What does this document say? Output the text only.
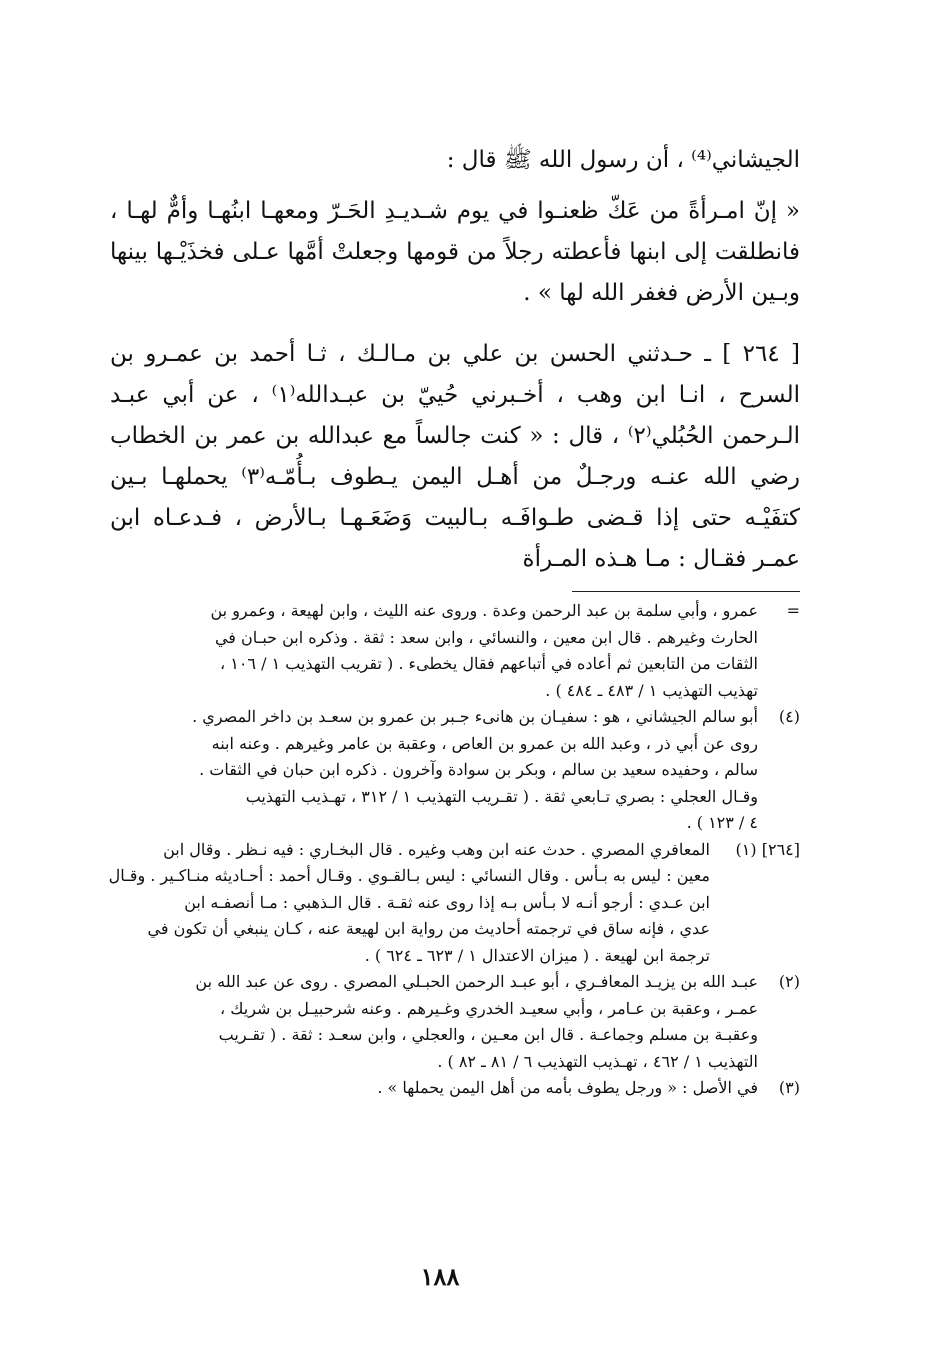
الجيشاني⁽⁴⁾ ، أن رسول الله ﷺ قال :

« إنّ امـرأةً من عَكّ ظعنـوا في يوم شـديـدِ الحَـرّ ومعهـا ابنُهـا وأمٌّ لهـا ، فانطلقت إلى ابنها فأعطته رجلاً من قومها وجعلتْ أمَّها عـلى فخذَيْـها بينها وبـين الأرض فغفر الله لها » .

[ ٢٦٤ ] ـ حـدثني الحسن بن علي بن مـالـك ، ثـا أحمد بن عمـرو بن السرح ، انـا ابن وهب ، أخـبرني حُييّ بن عبـدالله⁽١⁾ ، عن أبي عبـد الـرحمن الحُبُلي⁽٢⁾ ، قال : « كنت جالساً مع عبدالله بن عمر بن الخطاب رضي الله عنـه ورجـلٌ من أهـل اليمن يـطوف بـأُمّـه⁽٣⁾ يحملهـا بـين كتفَيْـه حتى إذا قـضى طـوافَـه بـالبيت وَضَعَـهـا بـالأرض ، فـدعـاه ابن عمـر فقـال : مـا هـذه المـرأة

=
عمرو ، وأبي سلمة بن عبد الرحمن وعدة . وروى عنه الليث ، وابن لهيعة ، وعمرو بن
الحارث وغيرهم . قال ابن معين ، والنسائي ، وابن سعد : ثقة . وذكره ابن حبـان في
الثقات من التابعين ثم أعاده في أتباعهم فقال يخطىء . ( تقريب التهذيب ١ / ١٠٦ ،
تهذيب التهذيب ١ / ٤٨٣ ـ ٤٨٤ ) .
(٤)
أبو سالم الجيشاني ، هو : سفيـان بن هانىء جـبر بن عمرو بن سعـد بن داخر المصري .
روى عن أبي ذر ، وعبد الله بن عمرو بن العاص ، وعقبة بن عامر وغيرهم . وعنه ابنه
سالم ، وحفيده سعيد بن سالم ، وبكر بن سوادة وآخرون . ذكره ابن حبان في الثقات .
وقـال العجلي : بصري تـابعي ثقة . ( تقـريب التهذيب ١ / ٣١٢ ، تهـذيب التهذيب
٤ / ١٢٣ ) .
[٢٦٤] (١)
المعافري المصري . حدث عنه ابن وهب وغيره . قال البخـاري : فيه نـظر . وقال ابن
معين : ليس به بـأس . وقال النسائي : ليس بـالقـوي . وقـال أحمد : أحـاديثه منـاكـير . وقـال
ابن عـدي : أرجو أنـه لا بـأس بـه إذا روى عنه ثقـة . قال الـذهبي : مـا أنصفـه ابن
عدي ، فإنه ساق في ترجمته أحاديث من رواية ابن لهيعة عنه ، كـان ينبغي أن تكون في
ترجمة ابن لهيعة . ( ميزان الاعتدال ١ / ٦٢٣ ـ ٦٢٤ ) .
(٢)
عبـد الله بن يزيـد المعافـري ، أبو عبـد الرحمن الحبـلي المصري . روى عن عبد الله بن
عمـر ، وعقبة بن عـامر ، وأبي سعيـد الخدري وغـيرهم . وعنه شرحبيـل بن شريك ،
وعقبـة بن مسلم وجماعـة . قال ابن معـين ، والعجلي ، وابن سعـد : ثقة . ( تقـريب
التهذيب ١ / ٤٦٢ ، تهـذيب التهذيب ٦ / ٨١ ـ ٨٢ ) .
(٣)
في الأصل : « ورجل يطوف بأمه من أهل اليمن يحملها » .
١٨٨
